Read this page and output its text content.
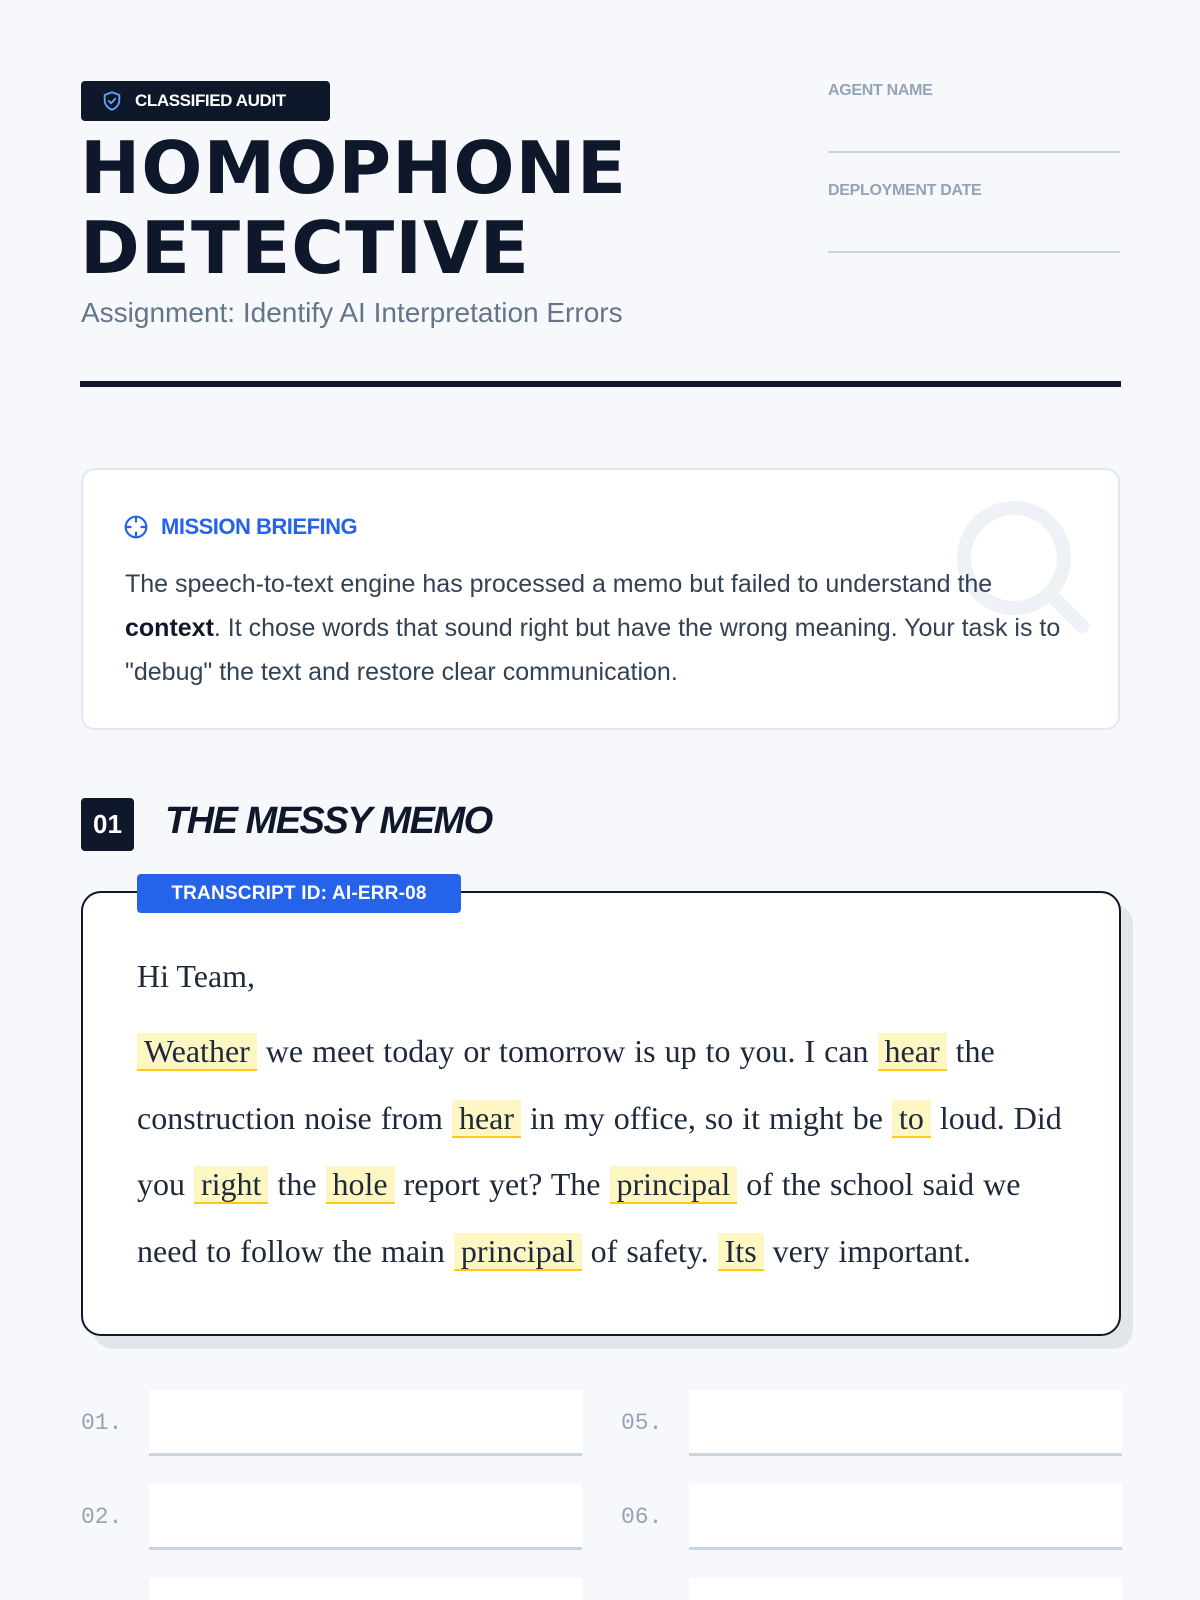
CLASSIFIED AUDIT
HOMOPHONE
DETECTIVE
Assignment: Identify AI Interpretation Errors
AGENT NAME
DEPLOYMENT DATE
MISSION BRIEFING

The speech-to-text engine has processed a memo but failed to understand the context. It chose words that sound right but have the wrong meaning. Your task is to "debug" the text and restore clear communication.

01	THE MESSY MEMO
TRANSCRIPT ID: AI-ERR-08
Hi Team,

Weather we meet today or tomorrow is up to you. I can hear the construction noise from hear in my office, so it might be to loud. Did you right the hole report yet? The principal of the school said we need to follow the main principal of safety. Its very important.

01.	05.
02.	06.
